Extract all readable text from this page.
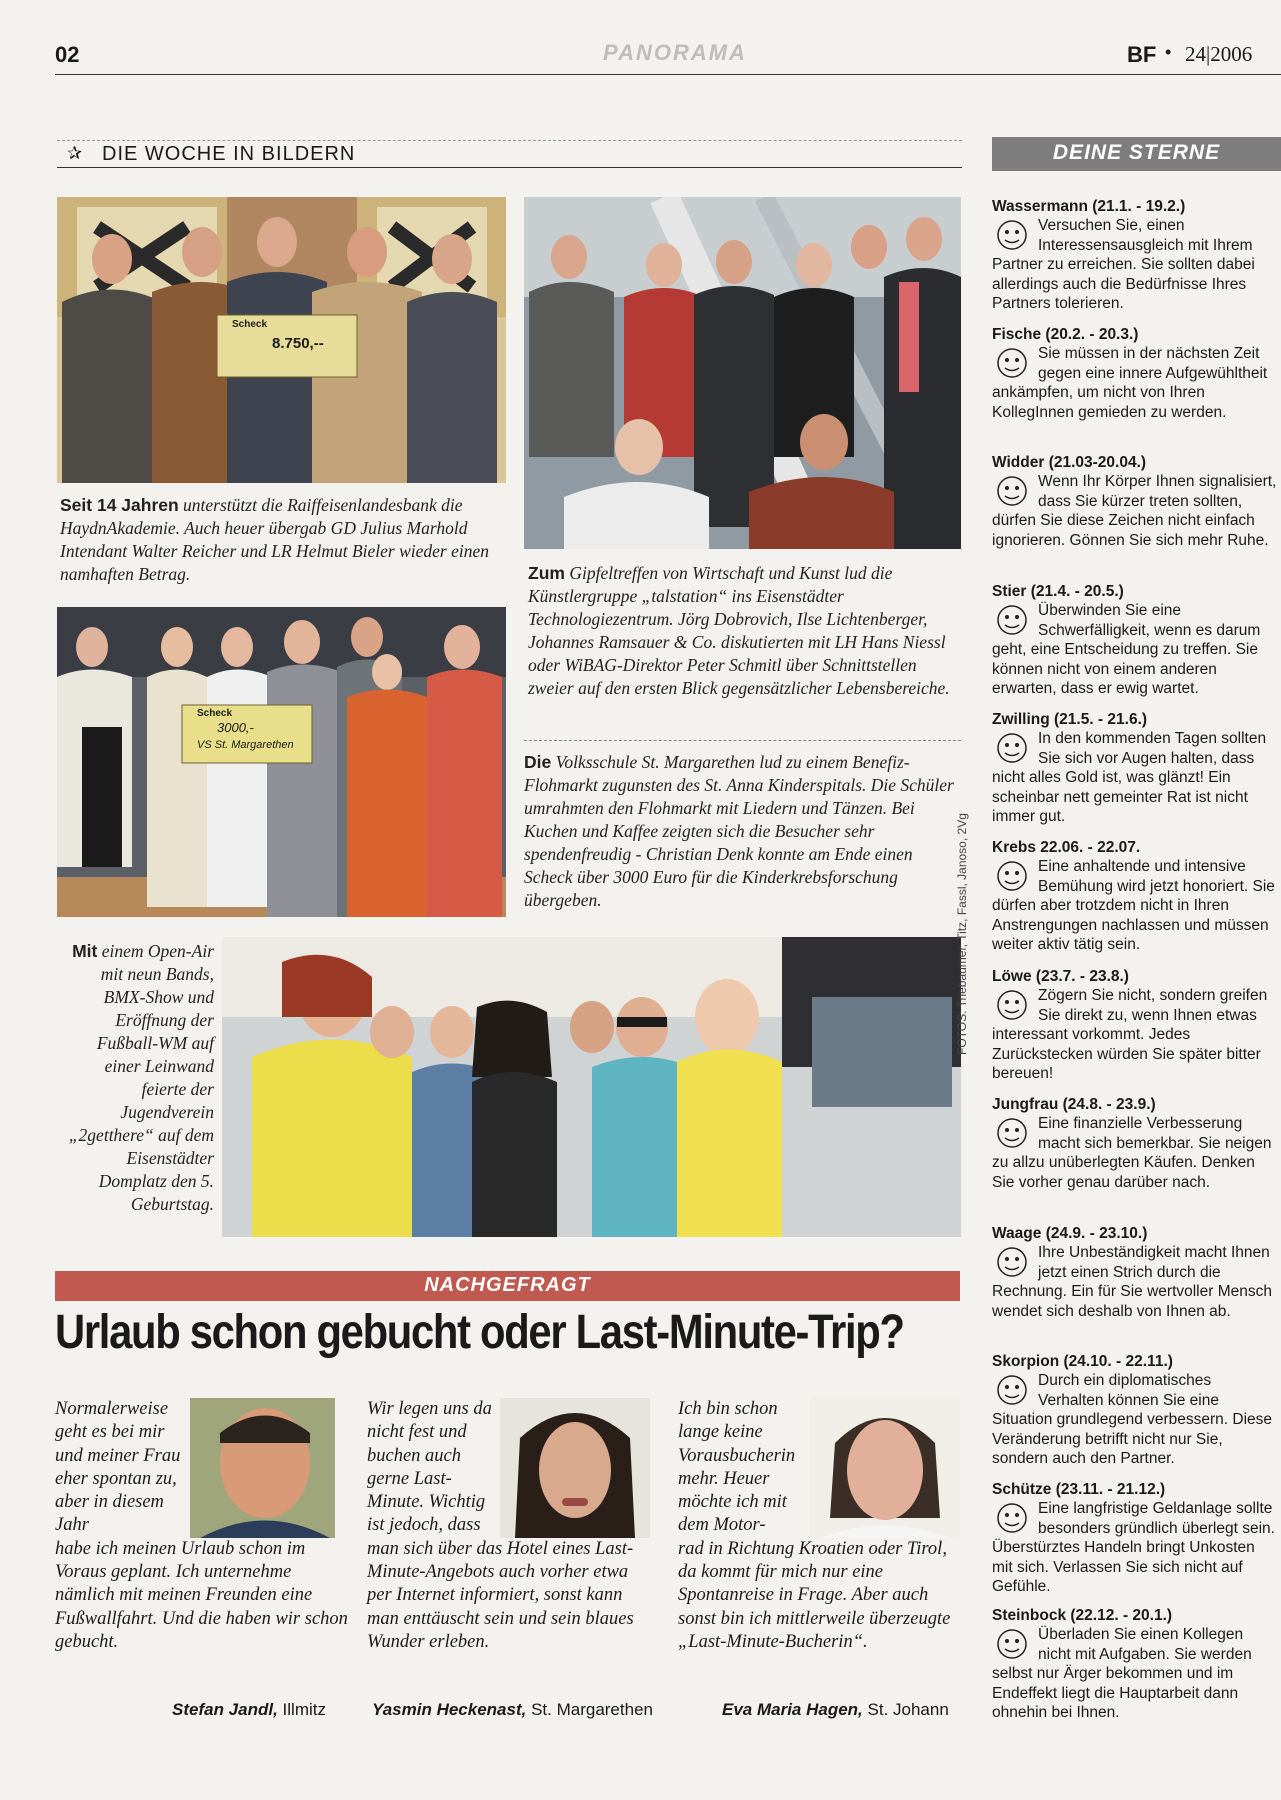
02	PANORAMA	BF • 24|2006
✰ DIE WOCHE IN BILDERN
Scheck
8.750,--
Seit 14 Jahren unterstützt die Raiffeisenlandesbank die HaydnAkademie. Auch heuer übergab GD Julius Marhold Intendant Walter Reicher und LR Helmut Bieler wieder einen namhaften Betrag.	Zum Gipfeltreffen von Wirtschaft und Kunst lud die Künstlergruppe „talstation“ ins Eisenstädter Technologiezentrum. Jörg Dobrovich, Ilse Lichtenberger, Johannes Ramsauer & Co. diskutierten mit LH Hans Niessl oder WiBAG-Direktor Peter Schmitl über Schnittstellen zweier auf den ersten Blick gegensätzlicher Lebensbereiche.
Scheck
3000,-
VS St. Margarethen
Die Volksschule St. Margarethen lud zu einem Benefiz-Flohmarkt zugunsten des St. Anna Kinderspitals. Die Schüler umrahmten den Flohmarkt mit Liedern und Tänzen. Bei Kuchen und Kaffee zeigten sich die Besucher sehr spendenfreudig - Christian Denk konnte am Ende einen Scheck über 3000 Euro für die Kinderkrebsforschung übergeben.
Mit einem Open-Air mit neun Bands, BMX-Show und Eröffnung der Fußball-WM auf einer Leinwand feierte der Jugendverein „2getthere“ auf dem Eisenstädter Domplatz den 5. Geburtstag.
FOTOS: Triebaumer, Titz, Fassl, Janoso, 2Vg
DEINE STERNE
Wassermann (21.1. - 19.2.)
Versuchen Sie, einen Interessensausgleich mit Ihrem Partner zu erreichen. Sie sollten dabei allerdings auch die Bedürfnisse Ihres Partners tolerieren.
Fische (20.2. - 20.3.)
Sie müssen in der nächsten Zeit gegen eine innere Aufgewühltheit ankämpfen, um nicht von Ihren KollegInnen gemieden zu werden.
Widder (21.03-20.04.)
Wenn Ihr Körper Ihnen signalisiert, dass Sie kürzer treten sollten, dürfen Sie diese Zeichen nicht einfach ignorieren. Gönnen Sie sich mehr Ruhe.
Stier (21.4. - 20.5.)
Überwinden Sie eine Schwerfälligkeit, wenn es darum geht, eine Entscheidung zu treffen. Sie können nicht von einem anderen erwarten, dass er ewig wartet.
Zwilling (21.5. - 21.6.)
In den kommenden Tagen sollten Sie sich vor Augen halten, dass nicht alles Gold ist, was glänzt! Ein scheinbar nett gemeinter Rat ist nicht immer gut.
Krebs 22.06. - 22.07.
Eine anhaltende und intensive Bemühung wird jetzt honoriert. Sie dürfen aber trotzdem nicht in Ihren Anstrengungen nachlassen und müssen weiter aktiv tätig sein.
Löwe (23.7. - 23.8.)
Zögern Sie nicht, sondern greifen Sie direkt zu, wenn Ihnen etwas interessant vorkommt. Jedes Zurückstecken würden Sie später bitter bereuen!
Jungfrau (24.8. - 23.9.)
Eine finanzielle Verbesserung macht sich bemerkbar. Sie neigen zu allzu unüberlegten Käufen. Denken Sie vorher genau darüber nach.
Waage (24.9. - 23.10.)
Ihre Unbeständigkeit macht Ihnen jetzt einen Strich durch die Rechnung. Ein für Sie wertvoller Mensch wendet sich deshalb von Ihnen ab.
Skorpion (24.10. - 22.11.)
Durch ein diplomatisches Verhalten können Sie eine Situation grundlegend verbessern. Diese Veränderung betrifft nicht nur Sie, sondern auch den Partner.
Schütze (23.11. - 21.12.)
Eine langfristige Geldanlage sollte besonders gründlich überlegt sein. Überstürztes Handeln bringt Unkosten mit sich. Verlassen Sie sich nicht auf Gefühle.
Steinbock (22.12. - 20.1.)
Überladen Sie einen Kollegen nicht mit Aufgaben. Sie werden selbst nur Ärger bekommen und im Endeffekt liegt die Hauptarbeit dann ohnehin bei Ihnen.
NACHGEFRAGT
Urlaub schon gebucht oder Last-Minute-Trip?
Normalerweise geht es bei mir und meiner Frau eher spontan zu, aber in diesem Jahr
habe ich meinen Urlaub schon im Voraus geplant. Ich unternehme nämlich mit meinen Freunden eine Fußwallfahrt. Und die haben wir schon gebucht.
Stefan Jandl, Illmitz
Wir legen uns da nicht fest und buchen auch gerne Last-Minute. Wichtig ist jedoch, dass
man sich über das Hotel eines Last-Minute-Angebots auch vorher etwa per Internet informiert, sonst kann man enttäuscht sein und sein blaues Wunder erleben.
Yasmin Heckenast, St. Margarethen
Ich bin schon lange keine Vorausbucherin mehr. Heuer möchte ich mit dem Motor-
rad in Richtung Kroatien oder Tirol, da kommt für mich nur eine Spontanreise in Frage. Aber auch sonst bin ich mittlerweile überzeugte „Last-Minute-Bucherin“.
Eva Maria Hagen, St. Johann
